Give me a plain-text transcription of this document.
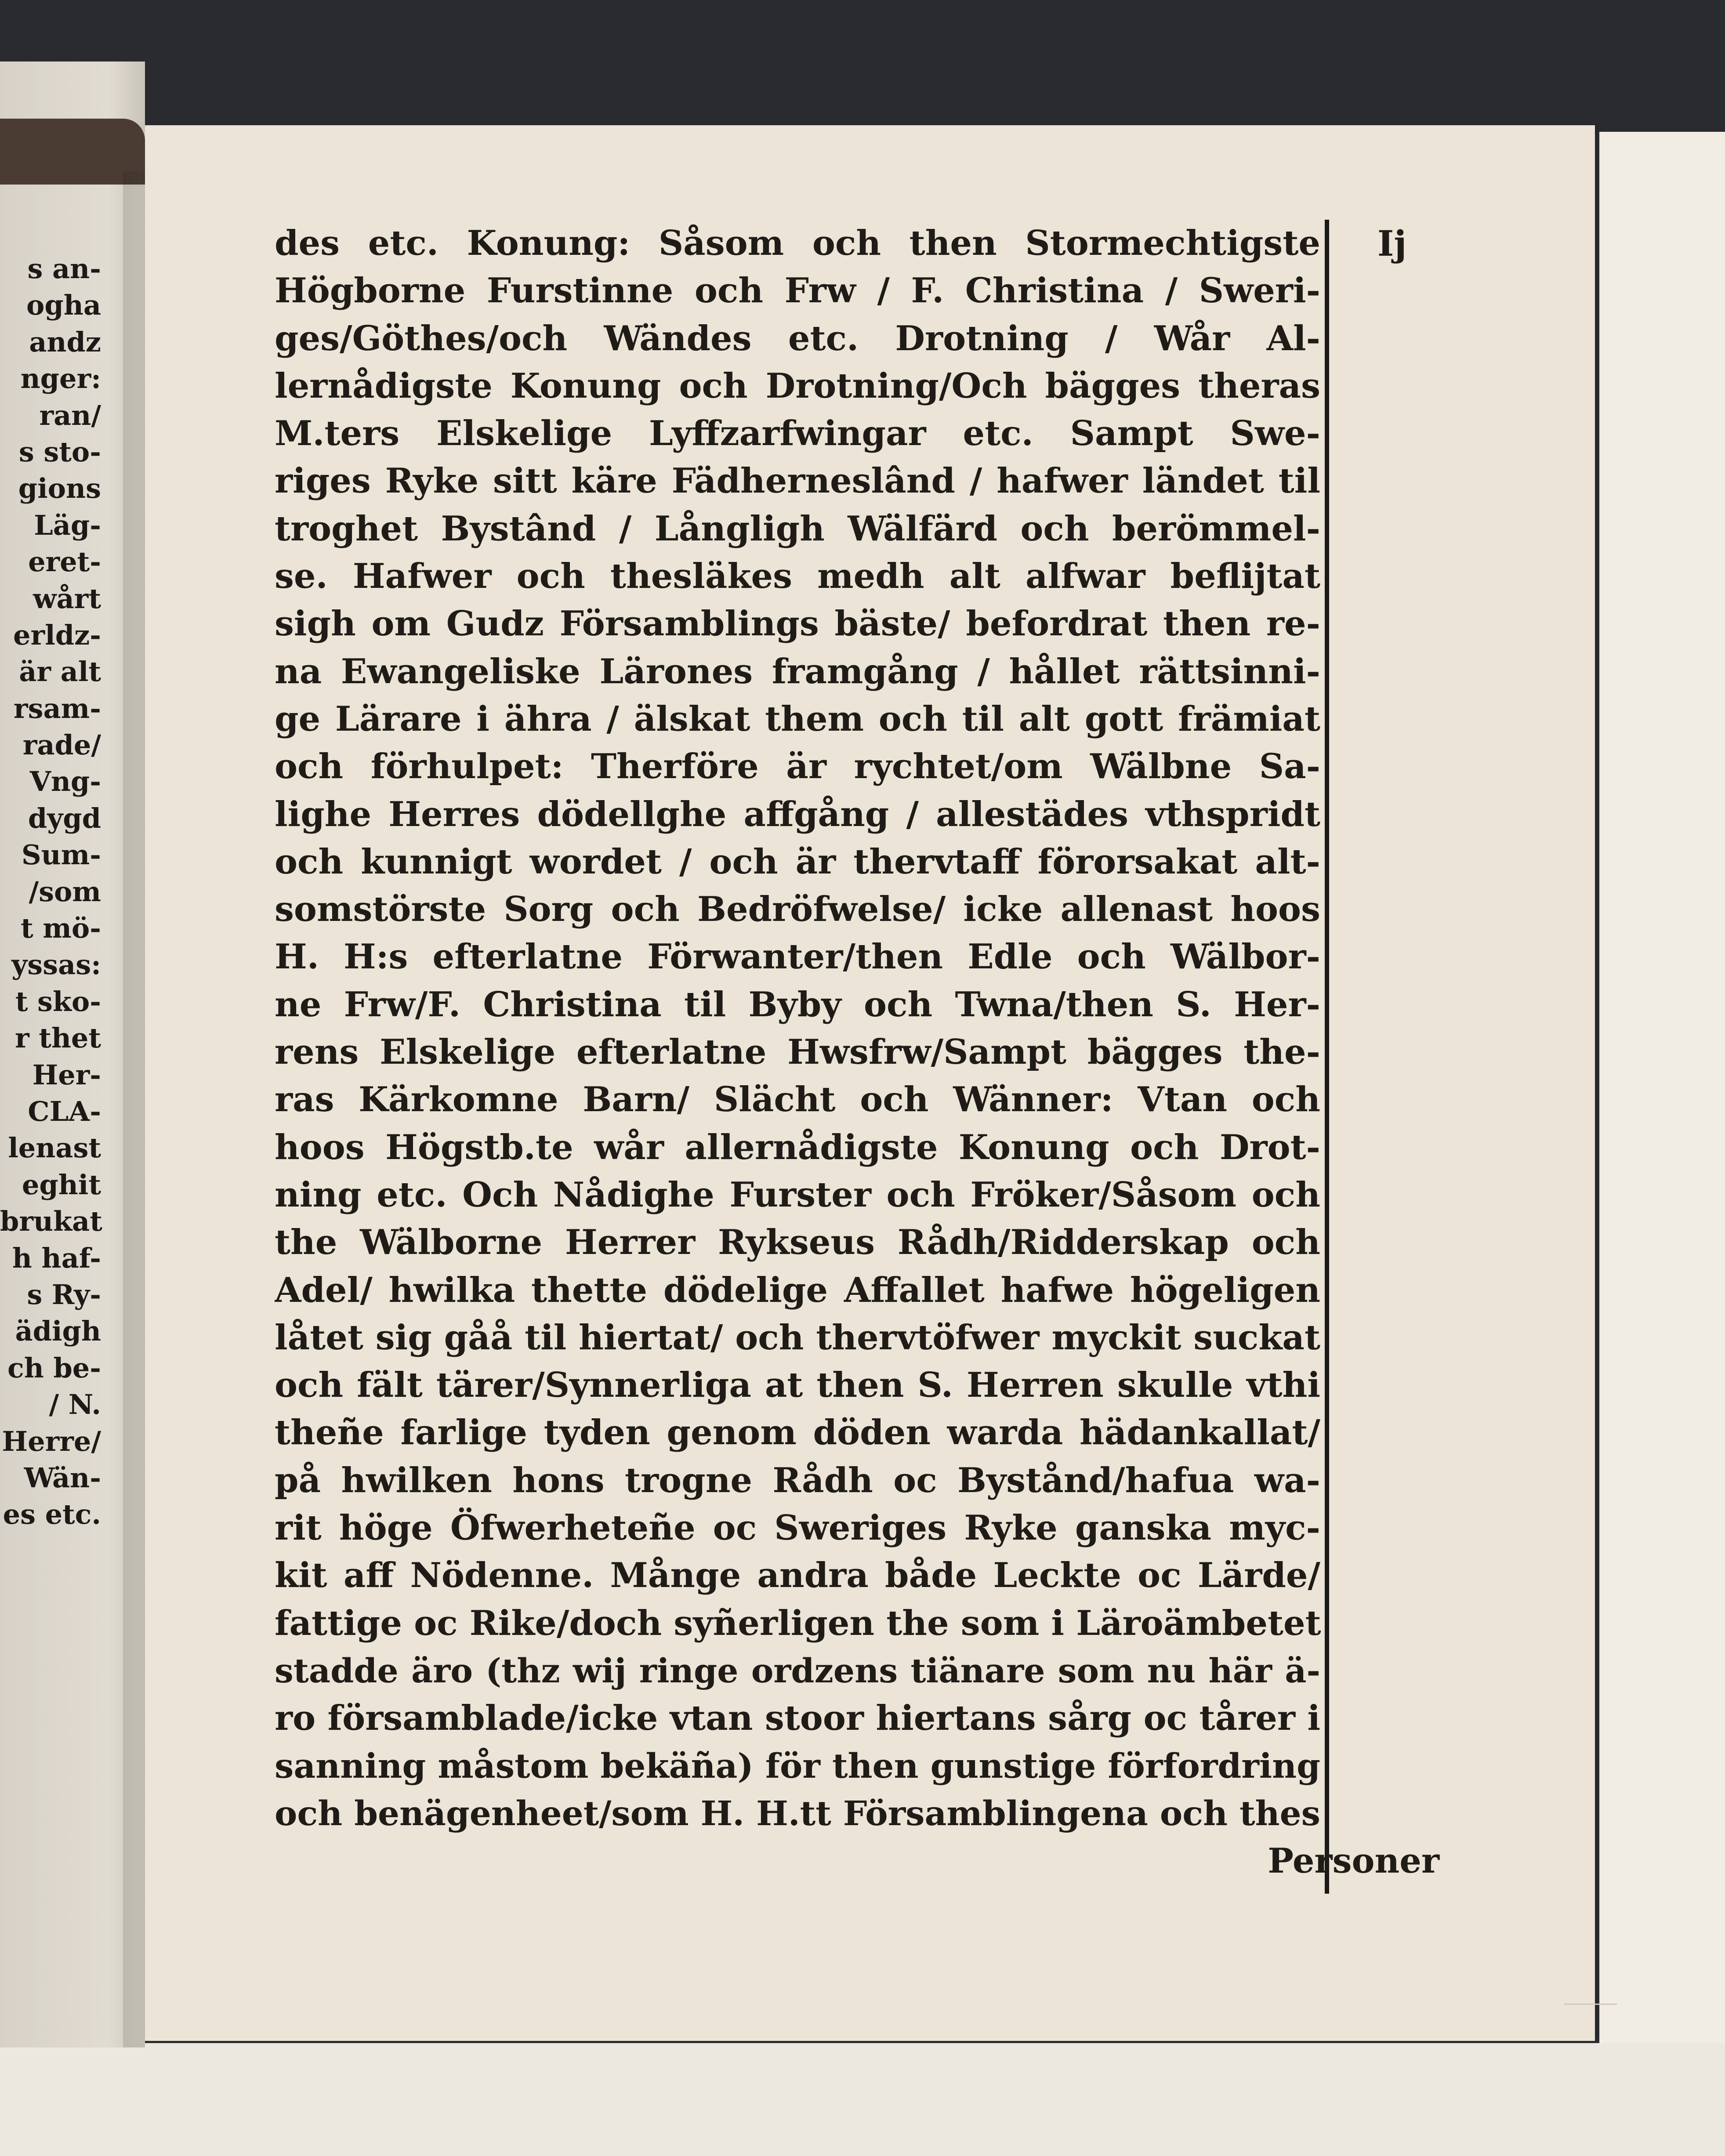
s an-
ogha
andz
nger:
ran/
s sto-
gions
Läg-
eret-
wårt
erldz-
är alt
rsam-
rade/
Vng-
dygd
Sum-
/som
t mö-
yssas:
t sko-
r thet
Her-
CLA-
lenast
eghit
brukat
h haf-
s Ry-
ädigh
ch be-
/ N.
Herre/
Wän-
es etc.
Ij
des etc. Konung: Såsom och then Stormechtigste
Högborne Furstinne och Frw / F. Christina / Sweri-
ges/Göthes/och Wändes etc. Drotning / Wår Al-
lernådigste Konung och Drotning/Och bägges theras
M.ters Elskelige Lyffzarfwingar etc. Sampt Swe-
riges Ryke sitt käre Fädherneslând / hafwer ländet til
troghet Bystând / Långligh Wälfärd och berömmel-
se. Hafwer och thesläkes medh alt alfwar beflijtat
sigh om Gudz Församblings bäste/ befordrat then re-
na Ewangeliske Lärones framgång / hållet rättsinni-
ge Lärare i ähra / älskat them och til alt gott främiat
och förhulpet: Therföre är rychtet/om Wälbne Sa-
lighe Herres dödellghe affgång / allestädes vthspridt
och kunnigt wordet / och är thervtaff förorsakat alt-
somstörste Sorg och Bedröfwelse/ icke allenast hoos
H. H:s efterlatne Förwanter/then Edle och Wälbor-
ne Frw/F. Christina til Byby och Twna/then S. Her-
rens Elskelige efterlatne Hwsfrw/Sampt bägges the-
ras Kärkomne Barn/ Slächt och Wänner: Vtan och
hoos Högstb.te wår allernådigste Konung och Drot-
ning etc. Och Nådighe Furster och Fröker/Såsom och
the Wälborne Herrer Rykseus Rådh/Ridderskap och
Adel/ hwilka thette dödelige Affallet hafwe högeligen
låtet sig gåå til hiertat/ och thervtöfwer myckit suckat
och fält tärer/Synnerliga at then S. Herren skulle vthi
theñe farlige tyden genom döden warda hädankallat/
på hwilken hons trogne Rådh oc Bystånd/hafua wa-
rit höge Öfwerheteñe oc Sweriges Ryke ganska myc-
kit aff Nödenne. Månge andra både Leckte oc Lärde/
fattige oc Rike/doch syñerligen the som i Läroämbetet
stadde äro (thz wij ringe ordzens tiänare som nu här ä-
ro församblade/icke vtan stoor hiertans sårg oc tårer i
sanning måstom bekäña) för then gunstige förfordring
och benägenheet/som H. H.tt Församblingena och thes
Personer
